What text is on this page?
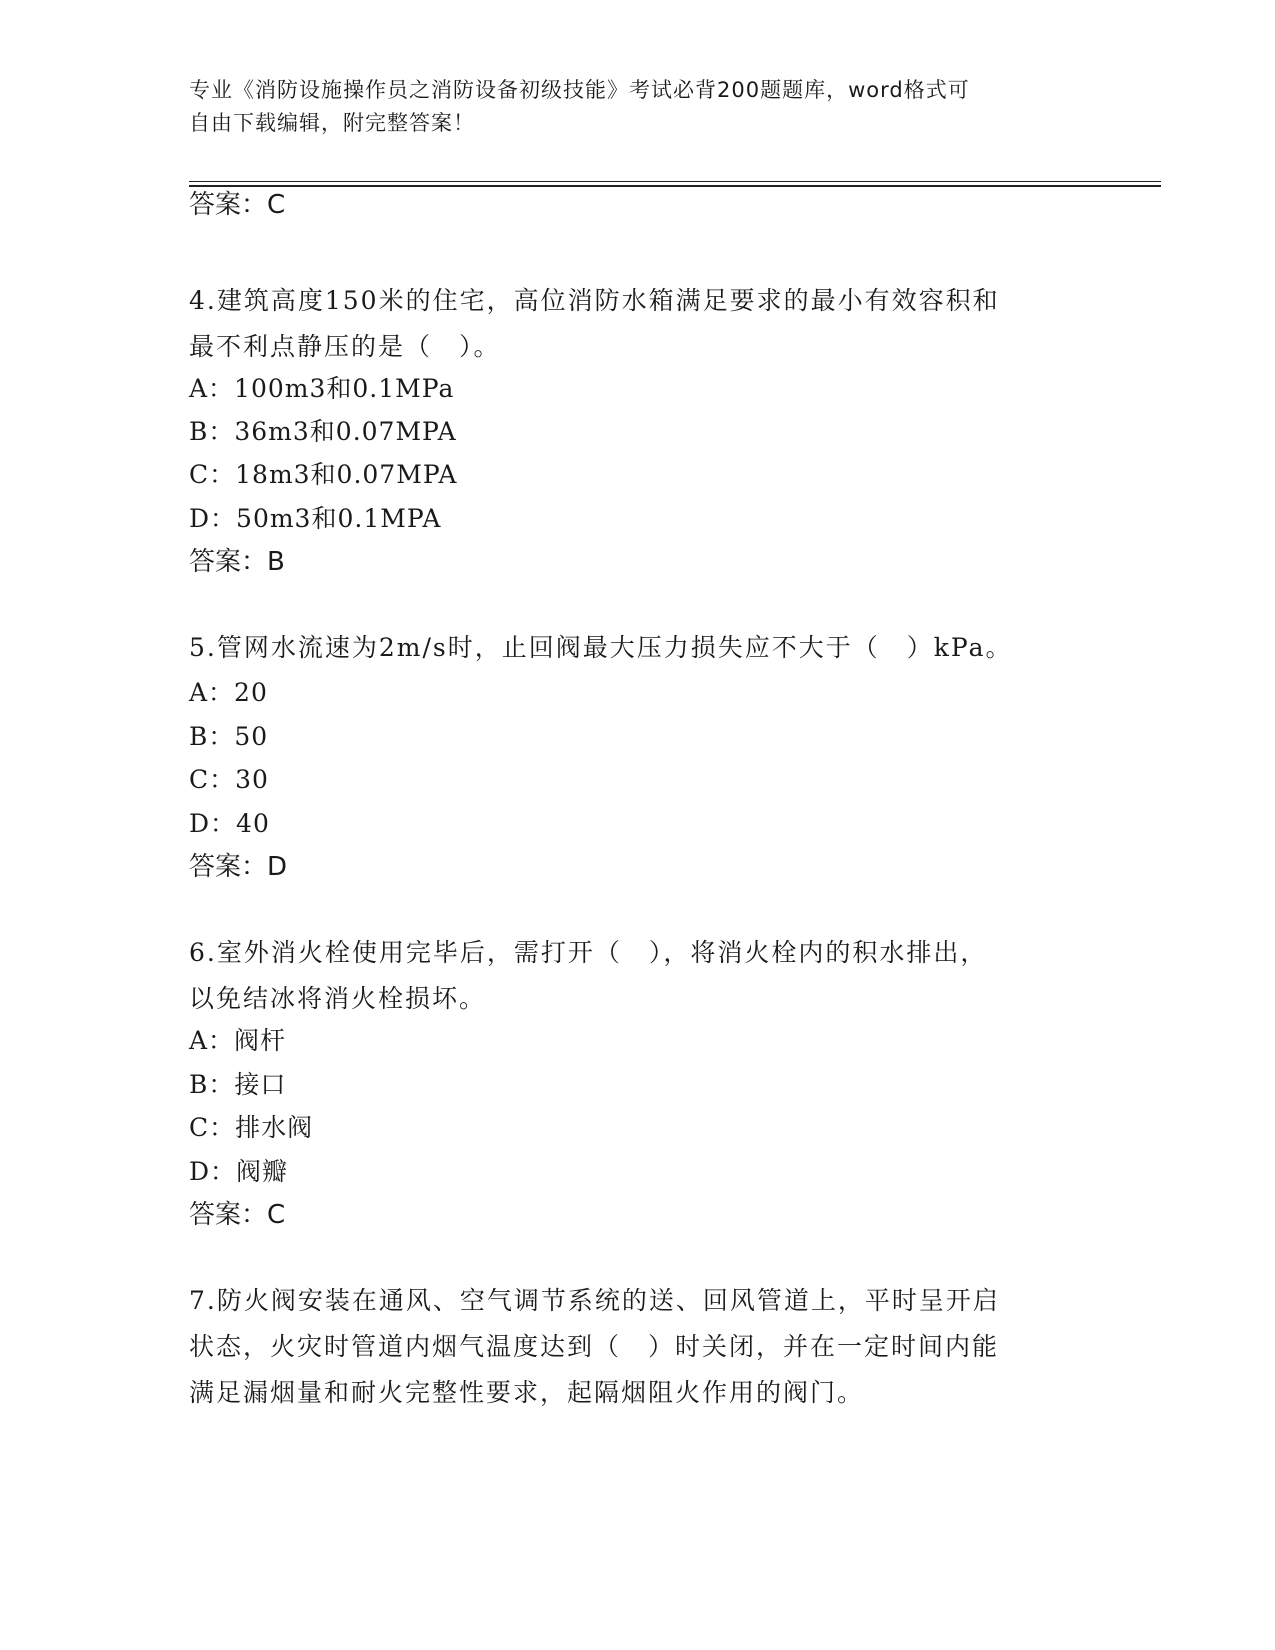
专业《消防设施操作员之消防设备初级技能》考试必背200题题库，word格式可
自由下载编辑，附完整答案！
答案：C
4.建筑高度150米的住宅，高位消防水箱满足要求的最小有效容积和
最不利点静压的是（　）。
A：100m3和0.1MPa
B：36m3和0.07MPA
C：18m3和0.07MPA
D：50m3和0.1MPA
答案：B
5.管网水流速为2m/s时，止回阀最大压力损失应不大于（　）kPa。
A：20
B：50
C：30
D：40
答案：D
6.室外消火栓使用完毕后，需打开（　），将消火栓内的积水排出，
以免结冰将消火栓损坏。
A：阀杆
B：接口
C：排水阀
D：阀瓣
答案：C
7.防火阀安装在通风、空气调节系统的送、回风管道上，平时呈开启
状态，火灾时管道内烟气温度达到（　）时关闭，并在一定时间内能
满足漏烟量和耐火完整性要求，起隔烟阻火作用的阀门。
